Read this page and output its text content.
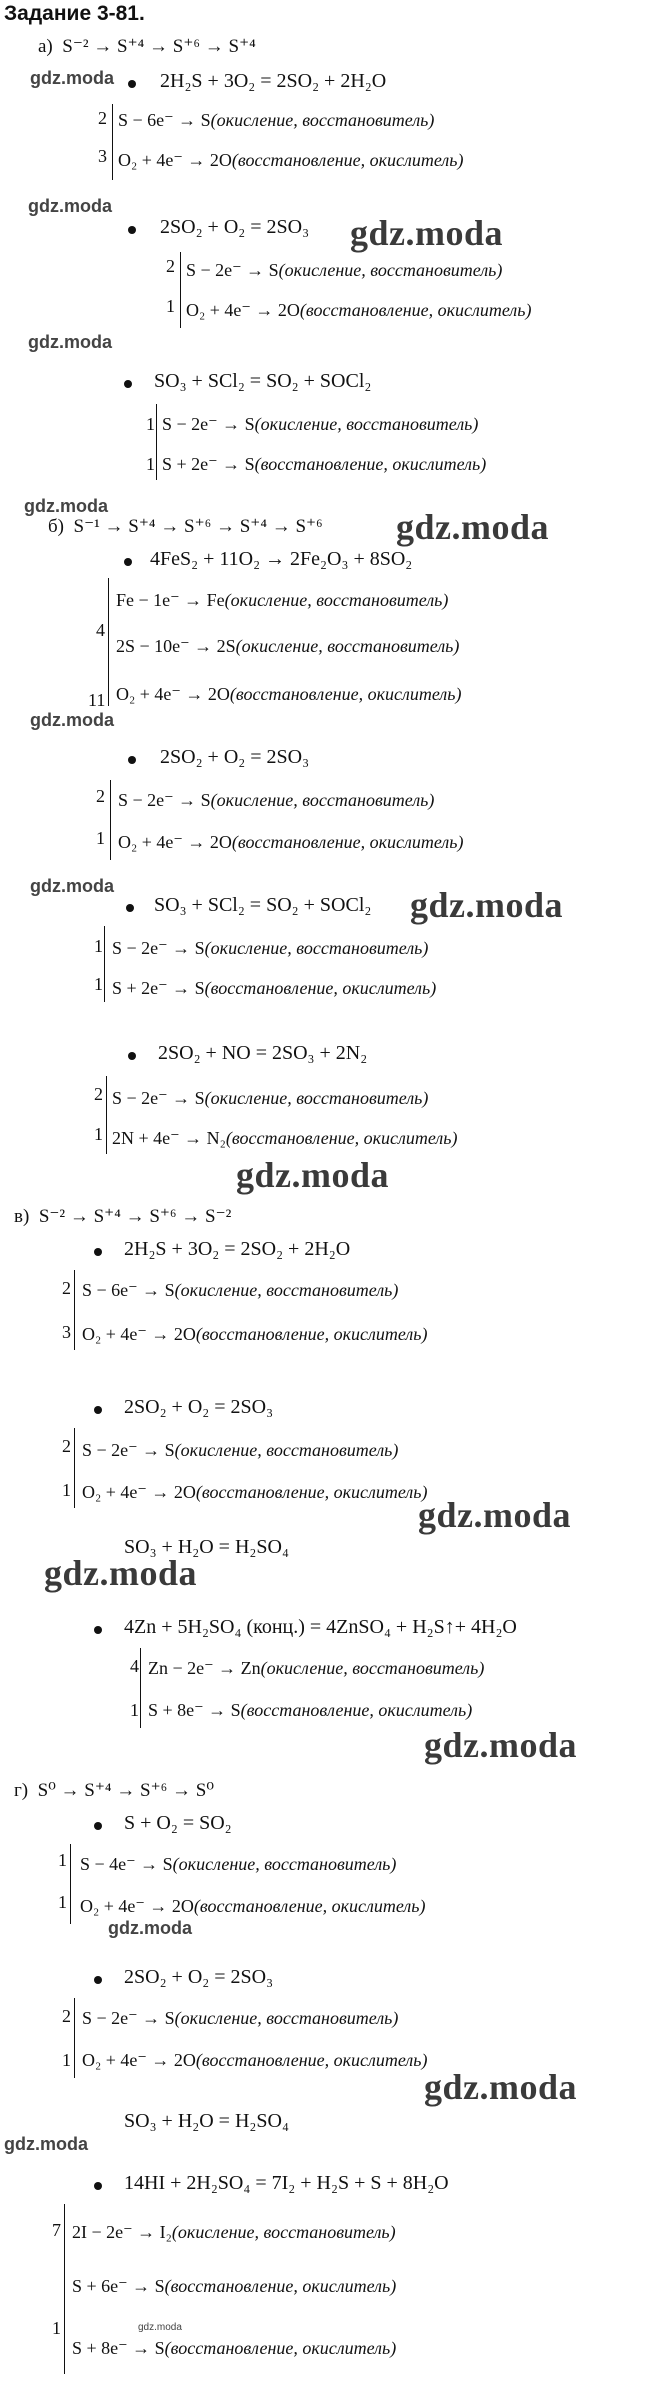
Задание 3-81.
а) S⁻² → S⁺⁴ → S⁺⁶ → S⁺⁴
gdz.moda 2H₂S + 3O₂ = 2SO₂ + 2H₂O
2
3
S − 6e⁻ → S(окисление, восстановитель)
O₂ + 4e⁻ → 2O(восстановление, окислитель)
gdz.moda
2SO₂ + O₂ = 2SO₃ gdz.moda
2
1
S − 2e⁻ → S(окисление, восстановитель)
O₂ + 4e⁻ → 2O(восстановление, окислитель)
gdz.moda
SO₃ + SCl₂ = SO₂ + SOCl₂
1
1
S − 2e⁻ → S(окисление, восстановитель)
S + 2e⁻ → S(восстановление, окислитель)
gdz.moda
б) S⁻¹ → S⁺⁴ → S⁺⁶ → S⁺⁴ → S⁺⁶ gdz.moda
4FeS₂ + 11O₂ → 2Fe₂O₃ + 8SO₂
4
11
Fe − 1e⁻ → Fe(окисление, восстановитель)
2S − 10e⁻ → 2S(окисление, восстановитель)
O₂ + 4e⁻ → 2O(восстановление, окислитель)
gdz.moda
2SO₂ + O₂ = 2SO₃
2
1
S − 2e⁻ → S(окисление, восстановитель)
O₂ + 4e⁻ → 2O(восстановление, окислитель)
gdz.moda
SO₃ + SCl₂ = SO₂ + SOCl₂ gdz.moda
1
1
S − 2e⁻ → S(окисление, восстановитель)
S + 2e⁻ → S(восстановление, окислитель)
2SO₂ + NO = 2SO₃ + 2N₂
2
1
S − 2e⁻ → S(окисление, восстановитель)
2N + 4e⁻ → N₂(восстановление, окислитель)
gdz.moda
в) S⁻² → S⁺⁴ → S⁺⁶ → S⁻²
2H₂S + 3O₂ = 2SO₂ + 2H₂O
2
3
S − 6e⁻ → S(окисление, восстановитель)
O₂ + 4e⁻ → 2O(восстановление, окислитель)
2SO₂ + O₂ = 2SO₃
2
1
S − 2e⁻ → S(окисление, восстановитель)
O₂ + 4e⁻ → 2O(восстановление, окислитель)
gdz.moda
SO₃ + H₂O = H₂SO₄
gdz.moda
4Zn + 5H₂SO₄ (конц.) = 4ZnSO₄ + H₂S↑+ 4H₂O
4
1
Zn − 2e⁻ → Zn(окисление, восстановитель)
S + 8e⁻ → S(восстановление, окислитель)
gdz.moda
г) S⁰ → S⁺⁴ → S⁺⁶ → S⁰
S + O₂ = SO₂
1
1
S − 4e⁻ → S(окисление, восстановитель)
O₂ + 4e⁻ → 2O(восстановление, окислитель)
gdz.moda
2SO₂ + O₂ = 2SO₃
2
1
S − 2e⁻ → S(окисление, восстановитель)
O₂ + 4e⁻ → 2O(восстановление, окислитель)
gdz.moda
SO₃ + H₂O = H₂SO₄
gdz.moda
14HI + 2H₂SO₄ = 7I₂ + H₂S + S + 8H₂O
7
1
2I − 2e⁻ → I₂(окисление, восстановитель)
S + 6e⁻ → S(восстановление, окислитель)
gdz.moda
S + 8e⁻ → S(восстановление, окислитель)
